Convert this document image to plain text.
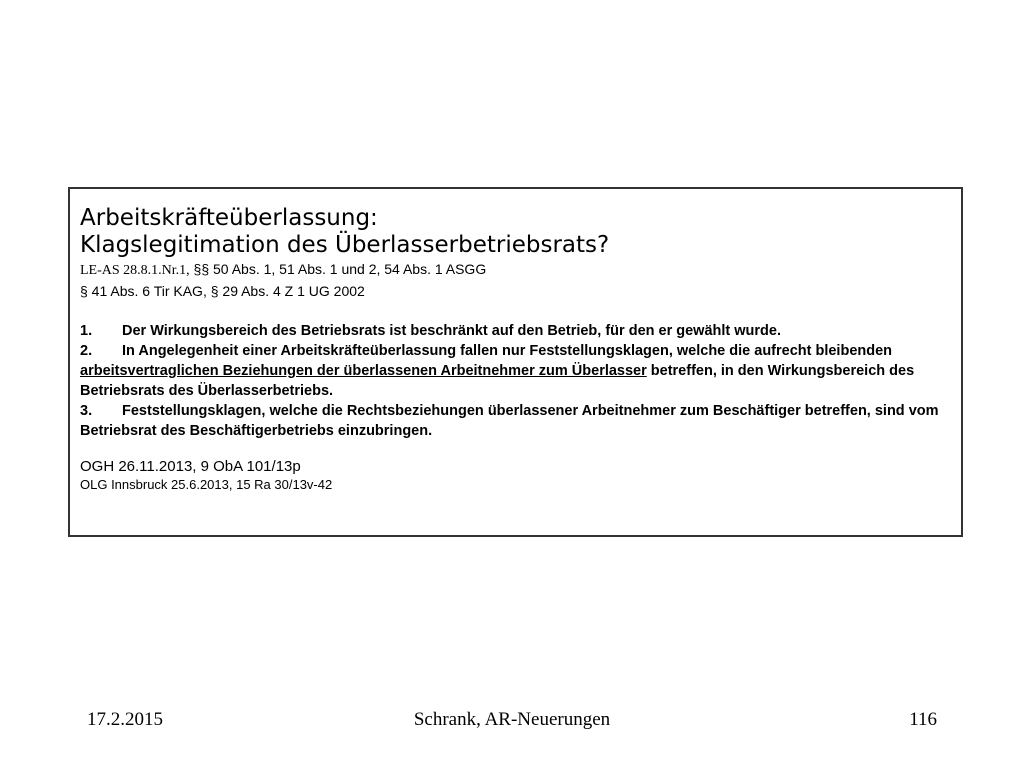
Arbeitskräfteüberlassung:
Klagslegitimation des Überlasserbetriebsrats?
LE-AS 28.8.1.Nr.1, §§ 50 Abs. 1, 51 Abs. 1 und 2, 54 Abs. 1 ASGG
§ 41 Abs. 6 Tir KAG, § 29 Abs. 4 Z 1 UG 2002
1. Der Wirkungsbereich des Betriebsrats ist beschränkt auf den Betrieb, für den er gewählt wurde.
2. In Angelegenheit einer Arbeitskräfteüberlassung fallen nur Feststellungsklagen, welche die aufrecht bleibenden arbeitsvertraglichen Beziehungen der überlassenen Arbeitnehmer zum Überlasser betreffen, in den Wirkungsbereich des Betriebsrats des Überlasserbetriebs.
3. Feststellungsklagen, welche die Rechtsbeziehungen überlassener Arbeitnehmer zum Beschäftiger betreffen, sind vom Betriebsrat des Beschäftigerbetriebs einzubringen.
OGH 26.11.2013, 9 ObA 101/13p
OLG Innsbruck 25.6.2013, 15 Ra 30/13v-42
17.2.2015	Schrank, AR-Neuerungen	116
